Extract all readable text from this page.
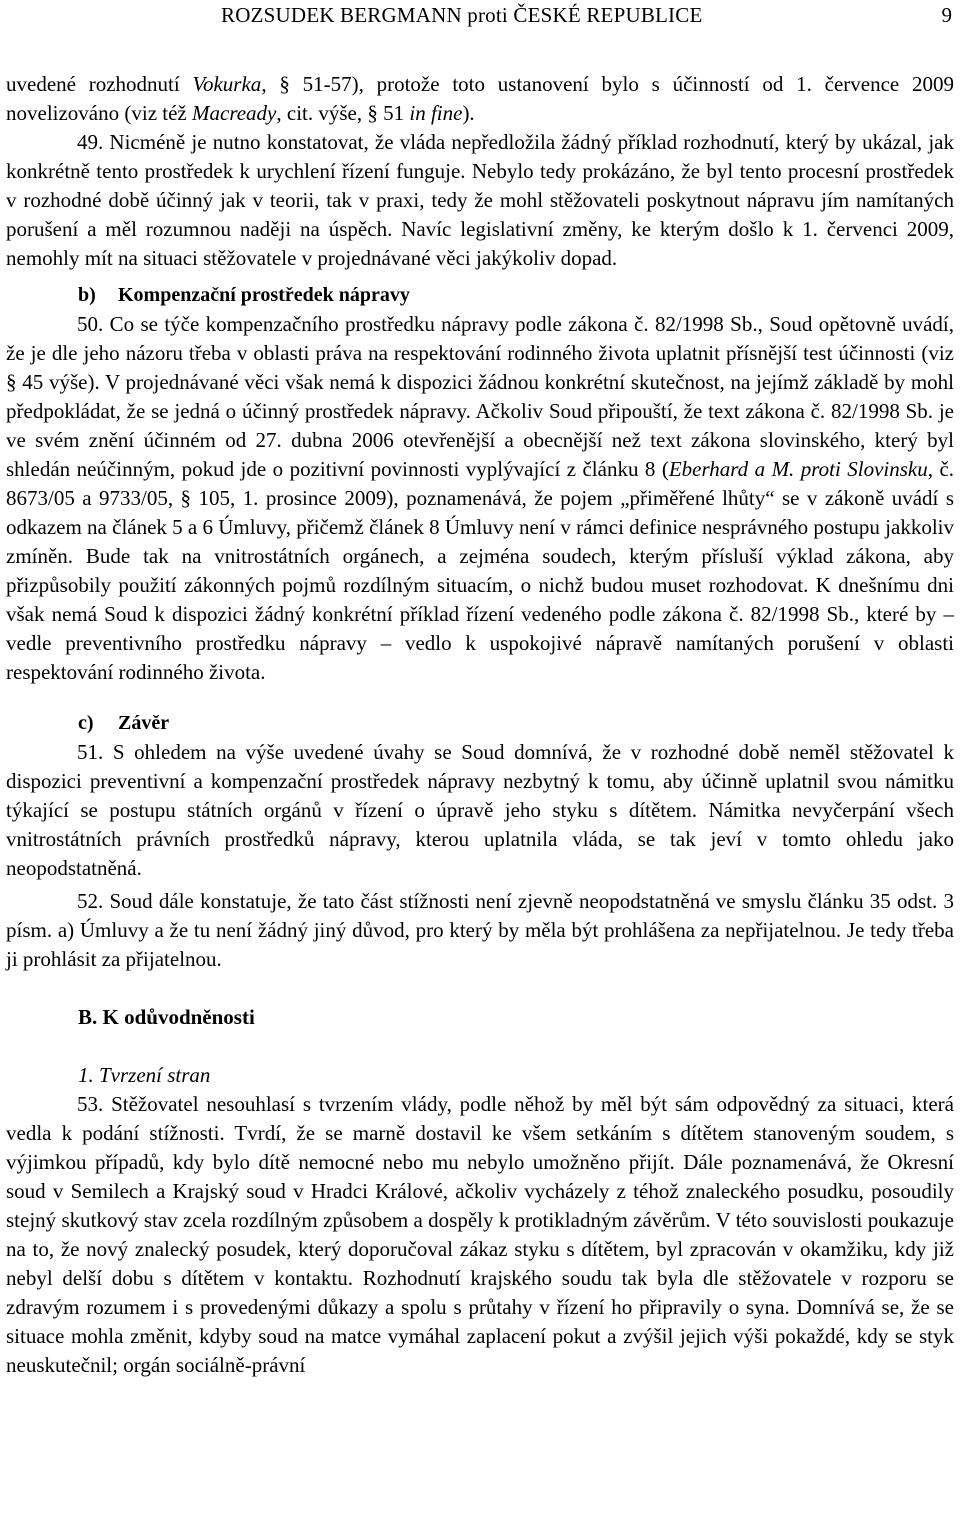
ROZSUDEK BERGMANN proti ČESKÉ REPUBLICE	9

uvedené rozhodnutí Vokurka, § 51-57), protože toto ustanovení bylo s účinností od 1. července 2009 novelizováno (viz též Macready, cit. výše, § 51 in fine).

49. Nicméně je nutno konstatovat, že vláda nepředložila žádný příklad rozhodnutí, který by ukázal, jak konkrétně tento prostředek k urychlení řízení funguje. Nebylo tedy prokázáno, že byl tento procesní prostředek v rozhodné době účinný jak v teorii, tak v praxi, tedy že mohl stěžovateli poskytnout nápravu jím namítaných porušení a měl rozumnou naději na úspěch. Navíc legislativní změny, ke kterým došlo k 1. červenci 2009, nemohly mít na situaci stěžovatele v projednávané věci jakýkoliv dopad.

b) Kompenzační prostředek nápravy

50. Co se týče kompenzačního prostředku nápravy podle zákona č. 82/1998 Sb., Soud opětovně uvádí, že je dle jeho názoru třeba v oblasti práva na respektování rodinného života uplatnit přísnější test účinnosti (viz § 45 výše). V projednávané věci však nemá k dispozici žádnou konkrétní skutečnost, na jejímž základě by mohl předpokládat, že se jedná o účinný prostředek nápravy. Ačkoliv Soud připouští, že text zákona č. 82/1998 Sb. je ve svém znění účinném od 27. dubna 2006 otevřenější a obecnější než text zákona slovinského, který byl shledán neúčinným, pokud jde o pozitivní povinnosti vyplývající z článku 8 (Eberhard a M. proti Slovinsku, č. 8673/05 a 9733/05, § 105, 1. prosince 2009), poznamenává, že pojem „přiměřené lhůty“ se v zákoně uvádí s odkazem na článek 5 a 6 Úmluvy, přičemž článek 8 Úmluvy není v rámci definice nesprávného postupu jakkoliv zmíněn. Bude tak na vnitrostátních orgánech, a zejména soudech, kterým přísluší výklad zákona, aby přizpůsobily použití zákonných pojmů rozdílným situacím, o nichž budou muset rozhodovat. K dnešnímu dni však nemá Soud k dispozici žádný konkrétní příklad řízení vedeného podle zákona č. 82/1998 Sb., které by – vedle preventivního prostředku nápravy – vedlo k uspokojivé nápravě namítaných porušení v oblasti respektování rodinného života.

c) Závěr

51. S ohledem na výše uvedené úvahy se Soud domnívá, že v rozhodné době neměl stěžovatel k dispozici preventivní a kompenzační prostředek nápravy nezbytný k tomu, aby účinně uplatnil svou námitku týkající se postupu státních orgánů v řízení o úpravě jeho styku s dítětem. Námitka nevyčerpání všech vnitrostátních právních prostředků nápravy, kterou uplatnila vláda, se tak jeví v tomto ohledu jako neopodstatněná.

52. Soud dále konstatuje, že tato část stížnosti není zjevně neopodstatněná ve smyslu článku 35 odst. 3 písm. a) Úmluvy a že tu není žádný jiný důvod, pro který by měla být prohlášena za nepřijatelnou. Je tedy třeba ji prohlásit za přijatelnou.

B. K odůvodněnosti
1. Tvrzení stran

53. Stěžovatel nesouhlasí s tvrzením vlády, podle něhož by měl být sám odpovědný za situaci, která vedla k podání stížnosti. Tvrdí, že se marně dostavil ke všem setkáním s dítětem stanoveným soudem, s výjimkou případů, kdy bylo dítě nemocné nebo mu nebylo umožněno přijít. Dále poznamenává, že Okresní soud v Semilech a Krajský soud v Hradci Králové, ačkoliv vycházely z téhož znaleckého posudku, posoudily stejný skutkový stav zcela rozdílným způsobem a dospěly k protikladným závěrům. V této souvislosti poukazuje na to, že nový znalecký posudek, který doporučoval zákaz styku s dítětem, byl zpracován v okamžiku, kdy již nebyl delší dobu s dítětem v kontaktu. Rozhodnutí krajského soudu tak byla dle stěžovatele v rozporu se zdravým rozumem i s provedenými důkazy a spolu s průtahy v řízení ho připravily o syna. Domnívá se, že se situace mohla změnit, kdyby soud na matce vymáhal zaplacení pokut a zvýšil jejich výši pokaždé, kdy se styk neuskutečnil; orgán sociálně-právní
